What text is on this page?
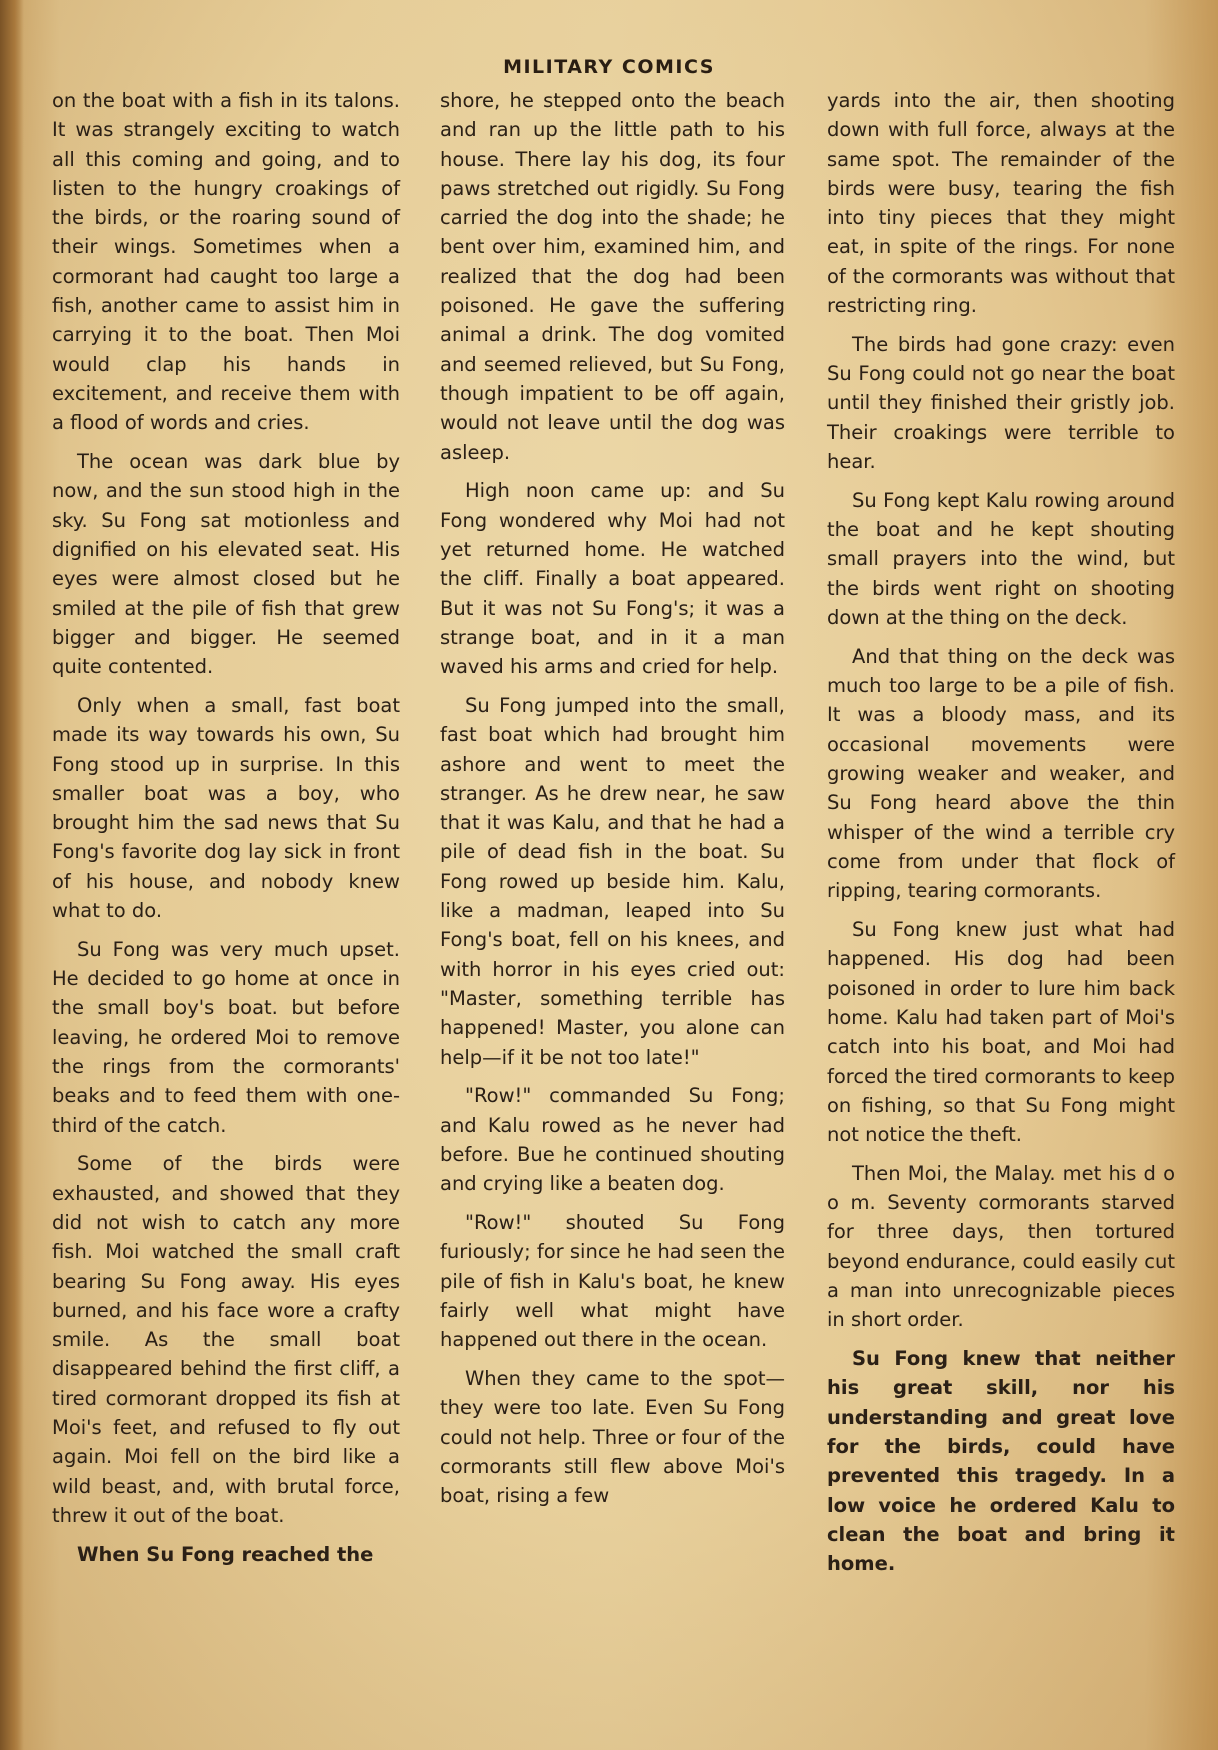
MILITARY COMICS

on the boat with a fish in its talons. It was strangely exciting to watch all this coming and going, and to listen to the hungry croakings of the birds, or the roaring sound of their wings. Sometimes when a cormorant had caught too large a fish, another came to assist him in carrying it to the boat. Then Moi would clap his hands in excitement, and receive them with a flood of words and cries.

The ocean was dark blue by now, and the sun stood high in the sky. Su Fong sat motionless and dignified on his elevated seat. His eyes were almost closed but he smiled at the pile of fish that grew bigger and bigger. He seemed quite contented.

Only when a small, fast boat made its way towards his own, Su Fong stood up in surprise. In this smaller boat was a boy, who brought him the sad news that Su Fong's favorite dog lay sick in front of his house, and nobody knew what to do.

Su Fong was very much upset. He decided to go home at once in the small boy's boat. but before leaving, he ordered Moi to remove the rings from the cormorants' beaks and to feed them with one-third of the catch.

Some of the birds were exhausted, and showed that they did not wish to catch any more fish. Moi watched the small craft bearing Su Fong away. His eyes burned, and his face wore a crafty smile. As the small boat disappeared behind the first cliff, a tired cormorant dropped its fish at Moi's feet, and refused to fly out again. Moi fell on the bird like a wild beast, and, with brutal force, threw it out of the boat.

When Su Fong reached the

shore, he stepped onto the beach and ran up the little path to his house. There lay his dog, its four paws stretched out rigidly. Su Fong carried the dog into the shade; he bent over him, examined him, and realized that the dog had been poisoned. He gave the suffering animal a drink. The dog vomited and seemed relieved, but Su Fong, though impatient to be off again, would not leave until the dog was asleep.

High noon came up: and Su Fong wondered why Moi had not yet returned home. He watched the cliff. Finally a boat appeared. But it was not Su Fong's; it was a strange boat, and in it a man waved his arms and cried for help.

Su Fong jumped into the small, fast boat which had brought him ashore and went to meet the stranger. As he drew near, he saw that it was Kalu, and that he had a pile of dead fish in the boat. Su Fong rowed up beside him. Kalu, like a madman, leaped into Su Fong's boat, fell on his knees, and with horror in his eyes cried out: "Master, something terrible has happened! Master, you alone can help—if it be not too late!"

"Row!" commanded Su Fong; and Kalu rowed as he never had before. Bue he continued shouting and crying like a beaten dog.

"Row!" shouted Su Fong furiously; for since he had seen the pile of fish in Kalu's boat, he knew fairly well what might have happened out there in the ocean.

When they came to the spot—they were too late. Even Su Fong could not help. Three or four of the cormorants still flew above Moi's boat, rising a few

yards into the air, then shooting down with full force, always at the same spot. The remainder of the birds were busy, tearing the fish into tiny pieces that they might eat, in spite of the rings. For none of the cormorants was without that restricting ring.

The birds had gone crazy: even Su Fong could not go near the boat until they finished their gristly job. Their croakings were terrible to hear.

Su Fong kept Kalu rowing around the boat and he kept shouting small prayers into the wind, but the birds went right on shooting down at the thing on the deck.

And that thing on the deck was much too large to be a pile of fish. It was a bloody mass, and its occasional movements were growing weaker and weaker, and Su Fong heard above the thin whisper of the wind a terrible cry come from under that flock of ripping, tearing cormorants.

Su Fong knew just what had happened. His dog had been poisoned in order to lure him back home. Kalu had taken part of Moi's catch into his boat, and Moi had forced the tired cormorants to keep on fishing, so that Su Fong might not notice the theft.

Then Moi, the Malay. met his d o o m. Seventy cormorants starved for three days, then tortured beyond endurance, could easily cut a man into unrecognizable pieces in short order.

Su Fong knew that neither his great skill, nor his understanding and great love for the birds, could have prevented this tragedy. In a low voice he ordered Kalu to clean the boat and bring it home.
